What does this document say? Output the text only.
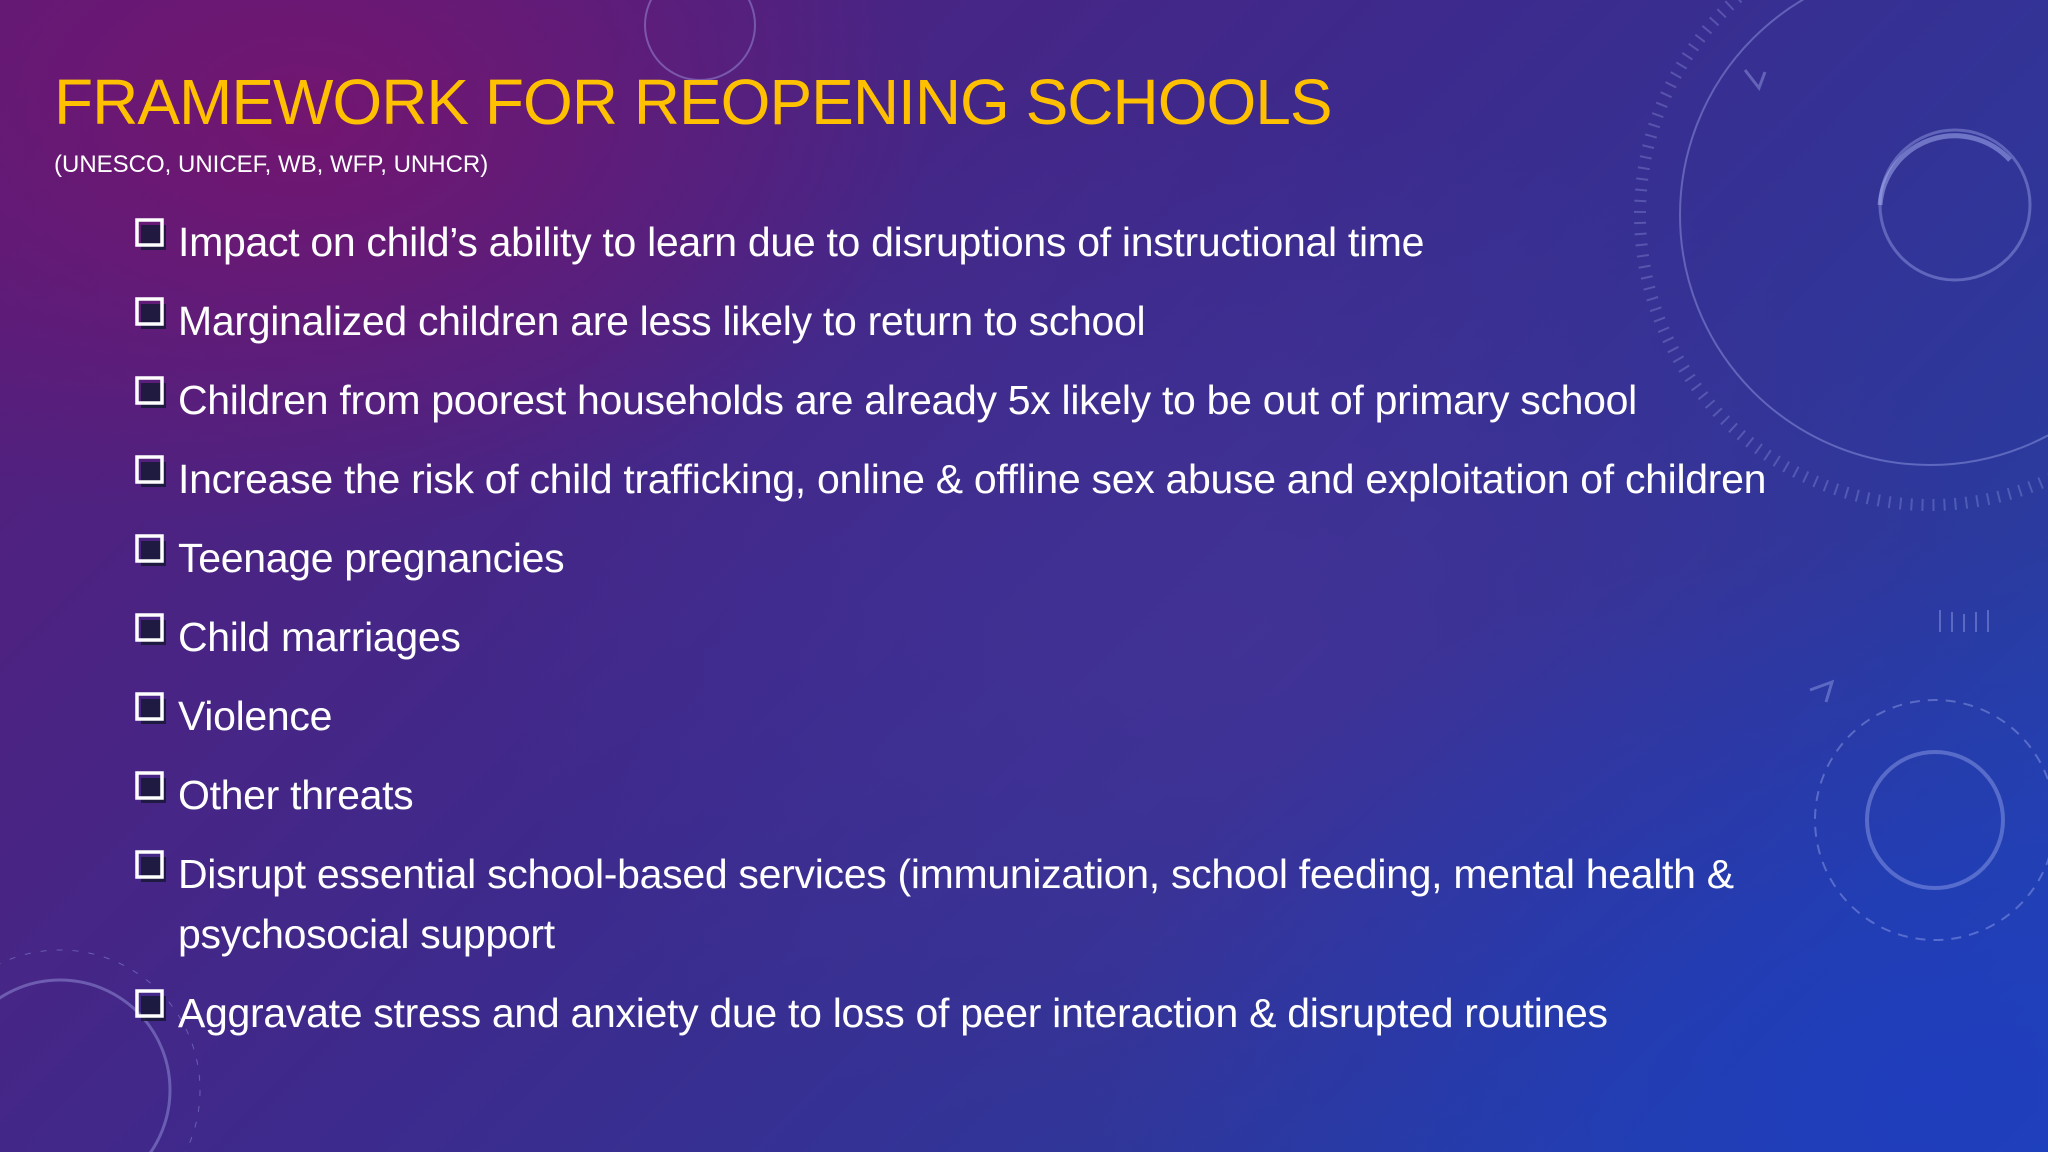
FRAMEWORK FOR REOPENING SCHOOLS
(UNESCO, UNICEF, WB, WFP, UNHCR)
Impact on child’s ability to learn due to disruptions of instructional time
Marginalized children are less likely to return to school
Children from poorest households are already 5x likely to be out of primary school
Increase the risk of child trafficking, online & offline sex abuse and exploitation of children
Teenage pregnancies
Child marriages
Violence
Other threats
Disrupt essential school-based services (immunization, school feeding, mental health & psychosocial support
Aggravate stress and anxiety due to loss of peer interaction & disrupted routines
